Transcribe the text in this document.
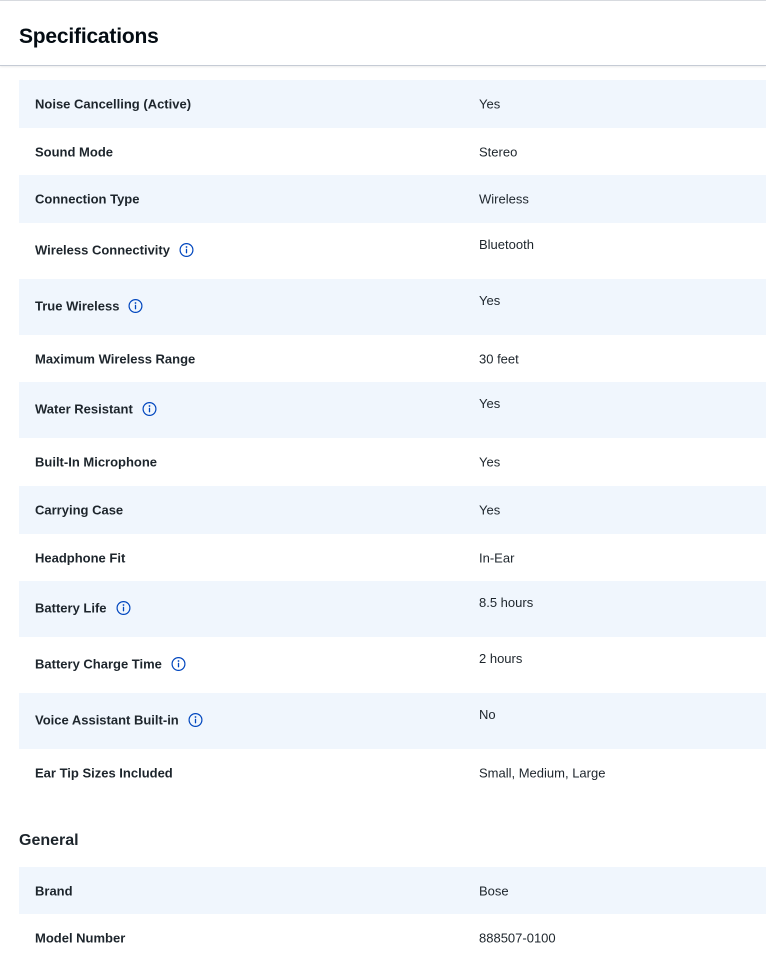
Specifications
Noise Cancelling (Active)	Yes
Sound Mode	Stereo
Connection Type	Wireless
Wireless Connectivity	Bluetooth
True Wireless	Yes
Maximum Wireless Range	30 feet
Water Resistant	Yes
Built-In Microphone	Yes
Carrying Case	Yes
Headphone Fit	In-Ear
Battery Life	8.5 hours
Battery Charge Time	2 hours
Voice Assistant Built-in	No
Ear Tip Sizes Included	Small, Medium, Large
General
Brand	Bose
Model Number	888507-0100
